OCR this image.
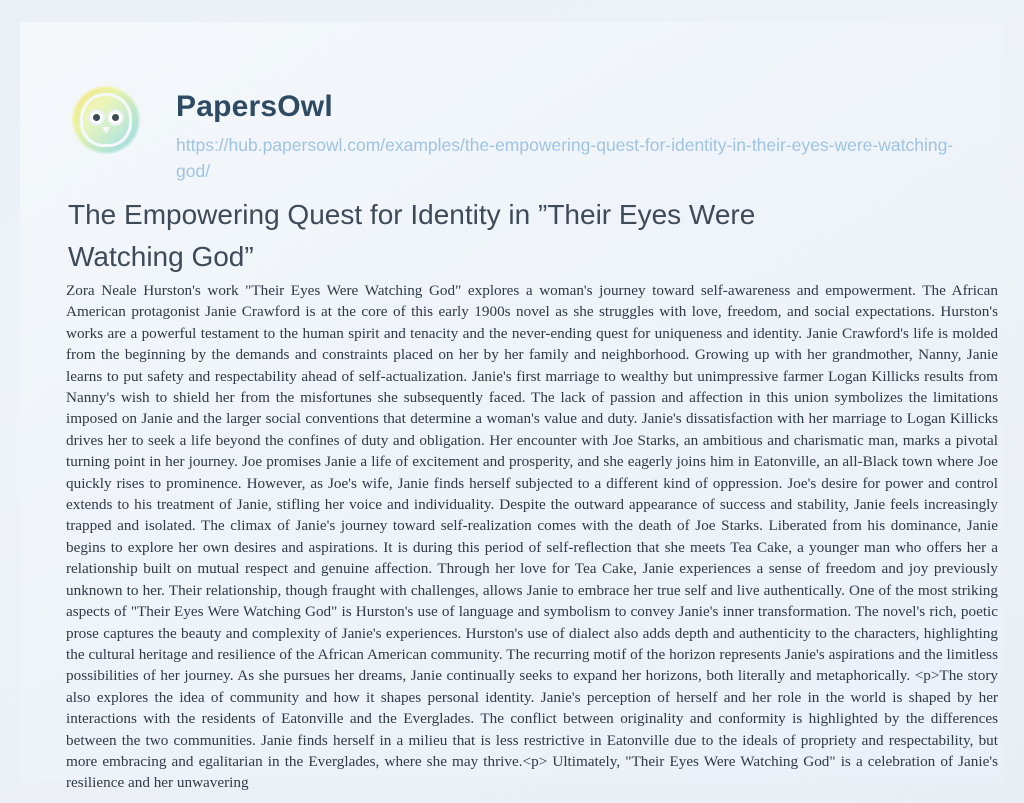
PapersOwl
https://hub.papersowl.com/examples/the-empowering-quest-for-identity-in-their-eyes-were-watching-god/
The Empowering Quest for Identity in ”Their Eyes Were Watching God”

Zora Neale Hurston's work "Their Eyes Were Watching God" explores a woman's journey toward self-awareness and empowerment. The African American protagonist Janie Crawford is at the core of this early 1900s novel as she struggles with love, freedom, and social expectations. Hurston's works are a powerful testament to the human spirit and tenacity and the never-ending quest for uniqueness and identity. Janie Crawford's life is molded from the beginning by the demands and constraints placed on her by her family and neighborhood. Growing up with her grandmother, Nanny, Janie learns to put safety and respectability ahead of self-actualization. Janie's first marriage to wealthy but unimpressive farmer Logan Killicks results from Nanny's wish to shield her from the misfortunes she subsequently faced. The lack of passion and affection in this union symbolizes the limitations imposed on Janie and the larger social conventions that determine a woman's value and duty. Janie's dissatisfaction with her marriage to Logan Killicks drives her to seek a life beyond the confines of duty and obligation. Her encounter with Joe Starks, an ambitious and charismatic man, marks a pivotal turning point in her journey. Joe promises Janie a life of excitement and prosperity, and she eagerly joins him in Eatonville, an all-Black town where Joe quickly rises to prominence. However, as Joe's wife, Janie finds herself subjected to a different kind of oppression. Joe's desire for power and control extends to his treatment of Janie, stifling her voice and individuality. Despite the outward appearance of success and stability, Janie feels increasingly trapped and isolated. The climax of Janie's journey toward self-realization comes with the death of Joe Starks. Liberated from his dominance, Janie begins to explore her own desires and aspirations. It is during this period of self-reflection that she meets Tea Cake, a younger man who offers her a relationship built on mutual respect and genuine affection. Through her love for Tea Cake, Janie experiences a sense of freedom and joy previously unknown to her. Their relationship, though fraught with challenges, allows Janie to embrace her true self and live authentically. One of the most striking aspects of "Their Eyes Were Watching God" is Hurston's use of language and symbolism to convey Janie's inner transformation. The novel's rich, poetic prose captures the beauty and complexity of Janie's experiences. Hurston's use of dialect also adds depth and authenticity to the characters, highlighting the cultural heritage and resilience of the African American community. The recurring motif of the horizon represents Janie's aspirations and the limitless possibilities of her journey. As she pursues her dreams, Janie continually seeks to expand her horizons, both literally and metaphorically. <p>The story also explores the idea of community and how it shapes personal identity. Janie's perception of herself and her role in the world is shaped by her interactions with the residents of Eatonville and the Everglades. The conflict between originality and conformity is highlighted by the differences between the two communities. Janie finds herself in a milieu that is less restrictive in Eatonville due to the ideals of propriety and respectability, but more embracing and egalitarian in the Everglades, where she may thrive.<p> Ultimately, "Their Eyes Were Watching God" is a celebration of Janie's resilience and her unwavering
